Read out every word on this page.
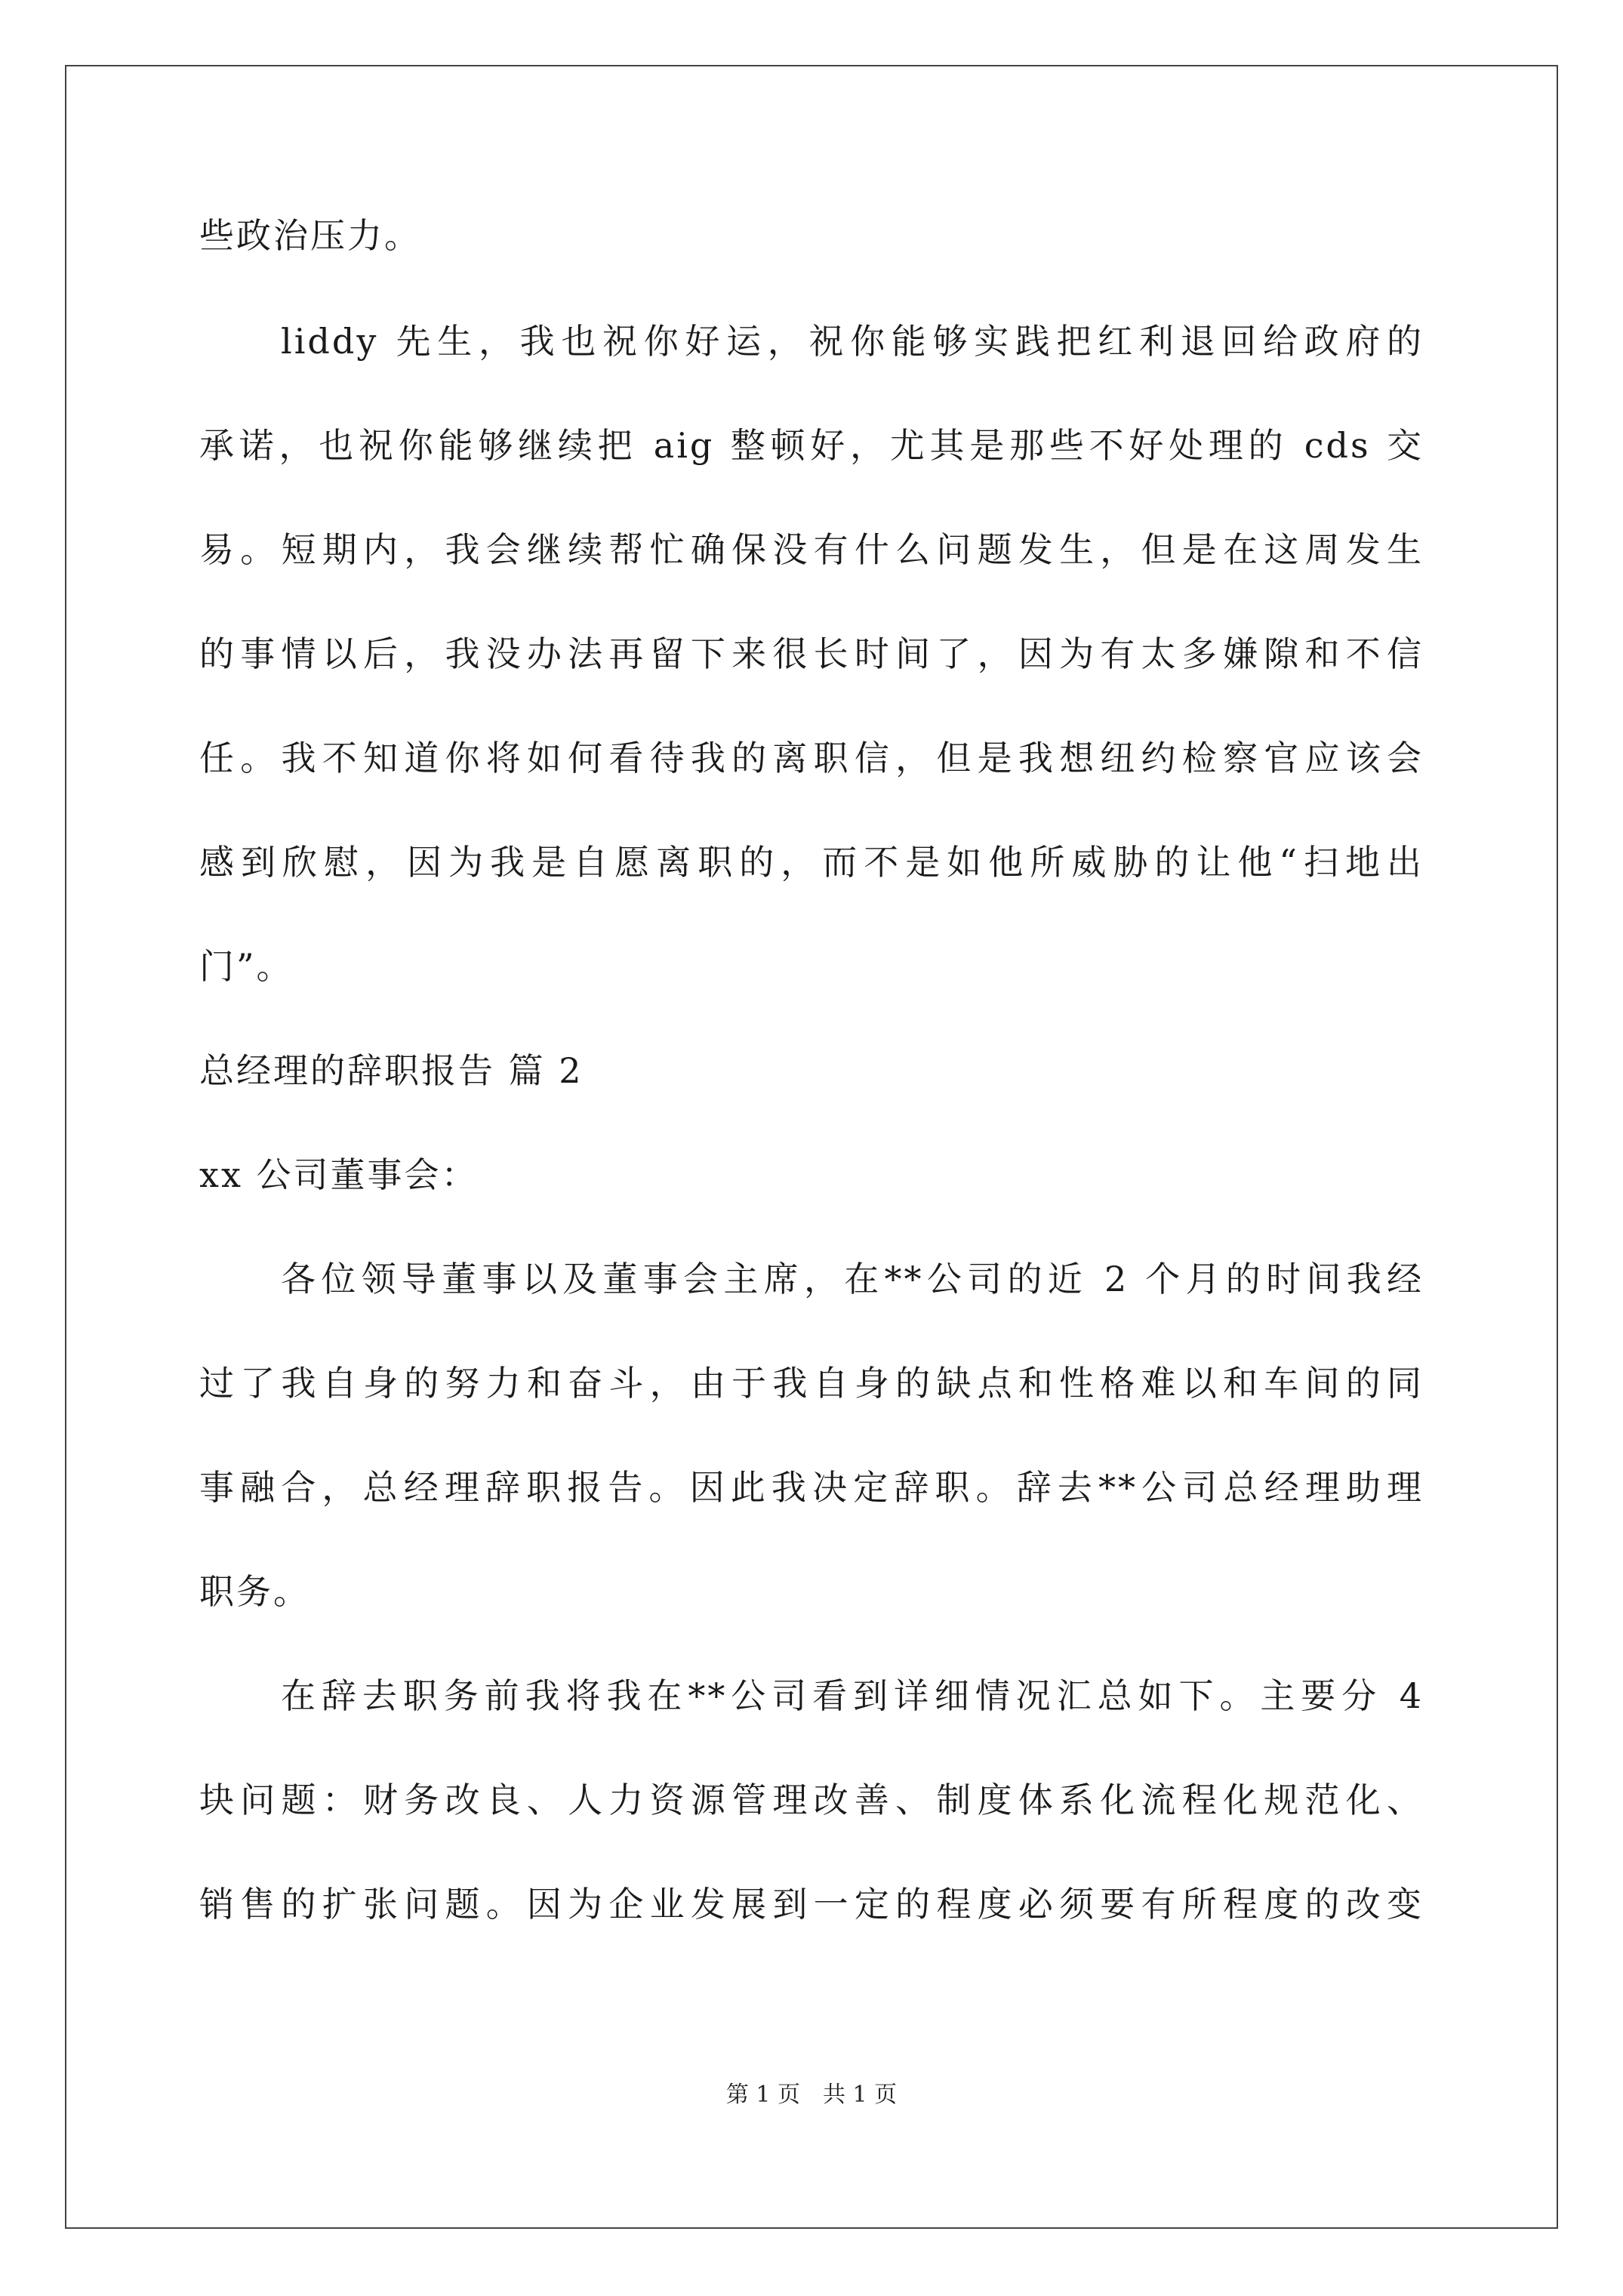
些政治压力。
liddy 先生，我也祝你好运，祝你能够实践把红利退回给政府的
承诺，也祝你能够继续把 aig 整顿好，尤其是那些不好处理的 cds 交
易。短期内，我会继续帮忙确保没有什么问题发生，但是在这周发生
的事情以后，我没办法再留下来很长时间了，因为有太多嫌隙和不信
任。我不知道你将如何看待我的离职信，但是我想纽约检察官应该会
感到欣慰，因为我是自愿离职的，而不是如他所威胁的让他“扫地出
门”。
总经理的辞职报告 篇 2
xx 公司董事会：
各位领导董事以及董事会主席，在**公司的近 2 个月的时间我经
过了我自身的努力和奋斗，由于我自身的缺点和性格难以和车间的同
事融合，总经理辞职报告。因此我决定辞职。辞去**公司总经理助理
职务。
在辞去职务前我将我在**公司看到详细情况汇总如下。主要分 4
块问题：财务改良、人力资源管理改善、制度体系化流程化规范化、
销售的扩张问题。因为企业发展到一定的程度必须要有所程度的改变
第 1 页　共 1 页
